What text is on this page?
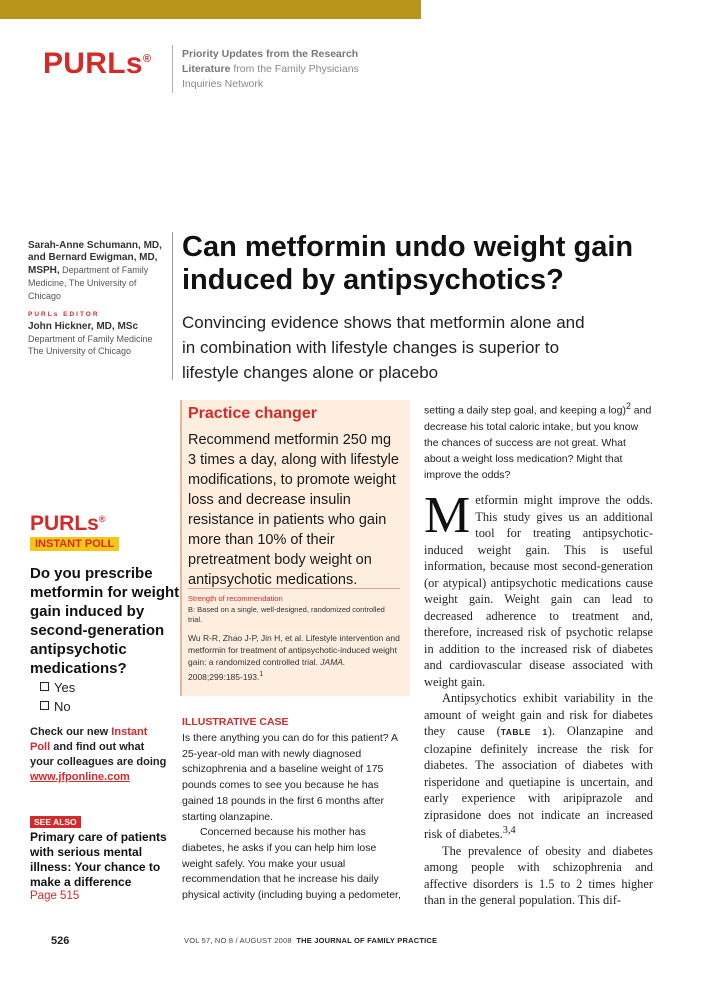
PURLs®	Priority Updates from the Research Literature from the Family Physicians Inquiries Network
Sarah-Anne Schumann, MD, and Bernard Ewigman, MD, MSPH, Department of Family Medicine, The University of Chicago
PURLs EDITOR
John Hickner, MD, MSc
Department of Family Medicine
The University of Chicago
Can metformin undo weight gain induced by antipsychotics?
Convincing evidence shows that metformin alone and in combination with lifestyle changes is superior to lifestyle changes alone or placebo
Practice changer
Recommend metformin 250 mg 3 times a day, along with lifestyle modifications, to promote weight loss and decrease insulin resistance in patients who gain more than 10% of their pretreatment body weight on antipsychotic medications.
Strength of recommendation
B: Based on a single, well-designed, randomized controlled trial.
Wu R-R, Zhao J-P, Jin H, et al. Lifestyle intervention and metformin for treatment of antipsychotic-induced weight gain: a randomized controlled trial. JAMA. 2008;299:185-193.$^1$
PURLs®
INSTANT POLL
Do you prescribe metformin for weight gain induced by second-generation antipsychotic medications?
Yes
No
Check our new Instant Poll and find out what your colleagues are doing www.jfponline.com
SEE ALSO
Primary care of patients with serious mental illness: Your chance to make a difference
Page 515
ILLUSTRATIVE CASE
Is there anything you can do for this patient? A 25-year-old man with newly diagnosed schizophrenia and a baseline weight of 175 pounds comes to see you because he has gained 18 pounds in the first 6 months after starting olanzapine.
Concerned because his mother has diabetes, he asks if you can help him lose weight safely. You make your usual recommendation that he increase his daily physical activity (including buying a pedometer,
setting a daily step goal, and keeping a log)$^2$ and decrease his total caloric intake, but you know the chances of success are not great. What about a weight loss medication? Might that improve the odds?
Metformin might improve the odds. This study gives us an additional tool for treating antipsychotic-induced weight gain. This is useful information, because most second-generation (or atypical) antipsychotic medications cause weight gain. Weight gain can lead to decreased adherence to treatment and, therefore, increased risk of psychotic relapse in addition to the increased risk of diabetes and cardiovascular disease associated with weight gain.
Antipsychotics exhibit variability in the amount of weight gain and risk for diabetes they cause (TABLE 1). Olanzapine and clozapine definitely increase the risk for diabetes. The association of diabetes with risperidone and quetiapine is uncertain, and early experience with aripiprazole and ziprasidone does not indicate an increased risk of diabetes.$^{3,4}$
The prevalence of obesity and diabetes among people with schizophrenia and affective disorders is 1.5 to 2 times higher than in the general population. This dif-
526	VOL 57, NO 8 / AUGUST 2008 THE JOURNAL OF FAMILY PRACTICE
